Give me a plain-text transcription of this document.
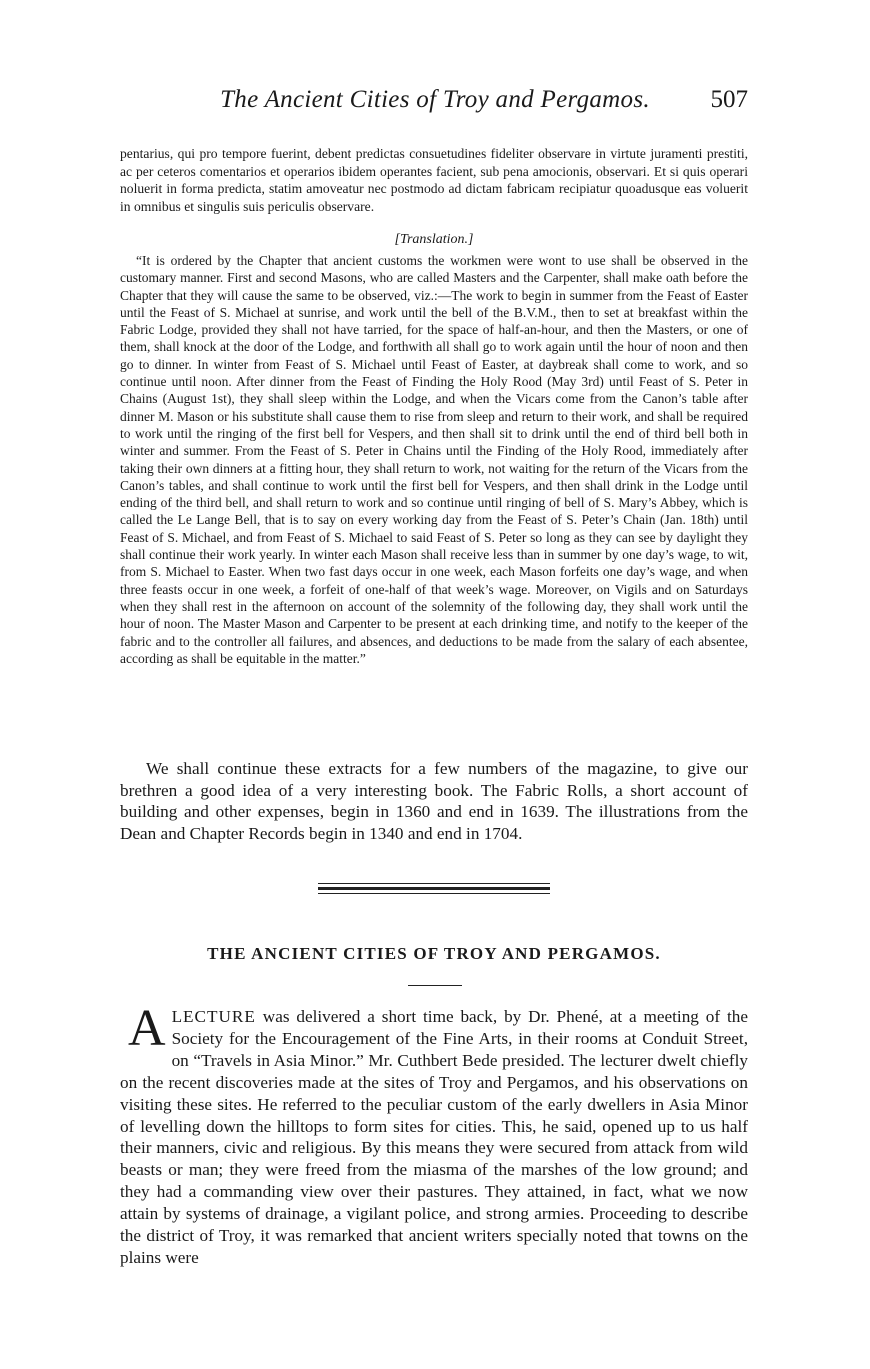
The Ancient Cities of Troy and Pergamos.	507

pentarius, qui pro tempore fuerint, debent predictas consuetudines fideliter observare in virtute juramenti prestiti, ac per ceteros comentarios et operarios ibidem operantes facient, sub pena amocionis, observari. Et si quis operari noluerit in forma predicta, statim amoveatur nec postmodo ad dictam fabricam recipiatur quoadusque eas voluerit in omnibus et singulis suis periculis observare.

[Translation.]

“It is ordered by the Chapter that ancient customs the workmen were wont to use shall be observed in the customary manner. First and second Masons, who are called Masters and the Carpenter, shall make oath before the Chapter that they will cause the same to be observed, viz.:—The work to begin in summer from the Feast of Easter until the Feast of S. Michael at sunrise, and work until the bell of the B.V.M., then to set at breakfast within the Fabric Lodge, provided they shall not have tarried, for the space of half-an-hour, and then the Masters, or one of them, shall knock at the door of the Lodge, and forthwith all shall go to work again until the hour of noon and then go to dinner. In winter from Feast of S. Michael until Feast of Easter, at daybreak shall come to work, and so continue until noon. After dinner from the Feast of Finding the Holy Rood (May 3rd) until Feast of S. Peter in Chains (August 1st), they shall sleep within the Lodge, and when the Vicars come from the Canon’s table after dinner M. Mason or his substitute shall cause them to rise from sleep and return to their work, and shall be required to work until the ringing of the first bell for Vespers, and then shall sit to drink until the end of third bell both in winter and summer. From the Feast of S. Peter in Chains until the Finding of the Holy Rood, immediately after taking their own dinners at a fitting hour, they shall return to work, not waiting for the return of the Vicars from the Canon’s tables, and shall continue to work until the first bell for Vespers, and then shall drink in the Lodge until ending of the third bell, and shall return to work and so continue until ringing of bell of S. Mary’s Abbey, which is called the Le Lange Bell, that is to say on every working day from the Feast of S. Peter’s Chain (Jan. 18th) until Feast of S. Michael, and from Feast of S. Michael to said Feast of S. Peter so long as they can see by daylight they shall continue their work yearly. In winter each Mason shall receive less than in summer by one day’s wage, to wit, from S. Michael to Easter. When two fast days occur in one week, each Mason forfeits one day’s wage, and when three feasts occur in one week, a forfeit of one-half of that week’s wage. Moreover, on Vigils and on Saturdays when they shall rest in the afternoon on account of the solemnity of the following day, they shall work until the hour of noon. The Master Mason and Carpenter to be present at each drinking time, and notify to the keeper of the fabric and to the controller all failures, and absences, and deductions to be made from the salary of each absentee, according as shall be equitable in the matter.”

We shall continue these extracts for a few numbers of the magazine, to give our brethren a good idea of a very interesting book. The Fabric Rolls, a short account of building and other expenses, begin in 1360 and end in 1639. The illustrations from the Dean and Chapter Records begin in 1340 and end in 1704.

THE ANCIENT CITIES OF TROY AND PERGAMOS.

ALECTURE was delivered a short time back, by Dr. Phené, at a meeting of the Society for the Encouragement of the Fine Arts, in their rooms at Conduit Street, on “Travels in Asia Minor.” Mr. Cuthbert Bede presided. The lecturer dwelt chiefly on the recent discoveries made at the sites of Troy and Pergamos, and his observations on visiting these sites. He referred to the peculiar custom of the early dwellers in Asia Minor of levelling down the hilltops to form sites for cities. This, he said, opened up to us half their manners, civic and religious. By this means they were secured from attack from wild beasts or man; they were freed from the miasma of the marshes of the low ground; and they had a commanding view over their pastures. They attained, in fact, what we now attain by systems of drainage, a vigilant police, and strong armies. Proceeding to describe the district of Troy, it was remarked that ancient writers specially noted that towns on the plains were
